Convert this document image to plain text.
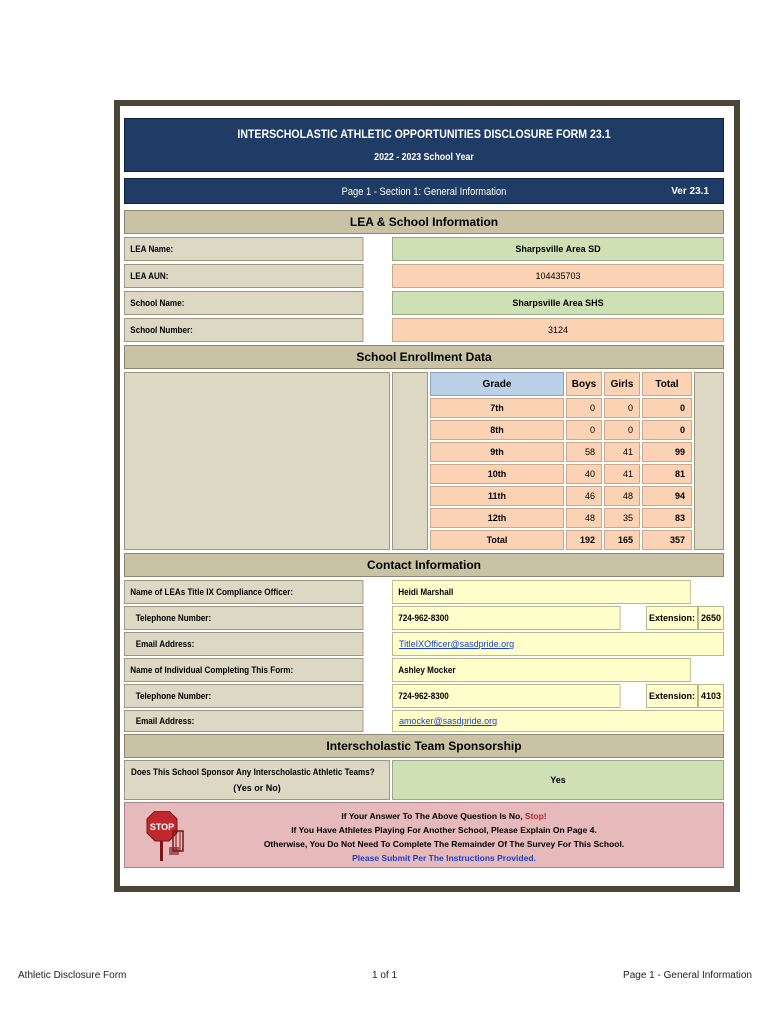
INTERSCHOLASTIC ATHLETIC OPPORTUNITIES DISCLOSURE FORM 23.1
2022 - 2023 School Year
Page 1 - Section 1: General Information	Ver 23.1
LEA & School Information
LEA Name:	Sharpsville Area SD
LEA AUN:	104435703
School Name:	Sharpsville Area SHS
School Number:	3124
School Enrollment Data
Grade	Boys	Girls	Total
7th	0	0	0
8th	0	0	0
9th	58	41	99
10th	40	41	81
11th	46	48	94
12th	48	35	83
Total	192	165	357
Contact Information
Name of LEAs Title IX Compliance Officer:	Heidi Marshall
Telephone Number:	724-962-8300	Extension: 2650
Email Address:	TitleIXOfficer@sasdpride.org
Name of Individual Completing This Form:	Ashley Mocker
Telephone Number:	724-962-8300	Extension: 4103
Email Address:	amocker@sasdpride.org
Interscholastic Team Sponsorship
Does This School Sponsor Any Interscholastic Athletic Teams?
(Yes or No)
Yes
STOP
If Your Answer To The Above Question Is No, Stop!
If You Have Athletes Playing For Another School, Please Explain On Page 4.
Otherwise, You Do Not Need To Complete The Remainder Of The Survey For This School.
Please Submit Per The Instructions Provided.
Athletic Disclosure Form	1 of 1	Page 1 - General Information
